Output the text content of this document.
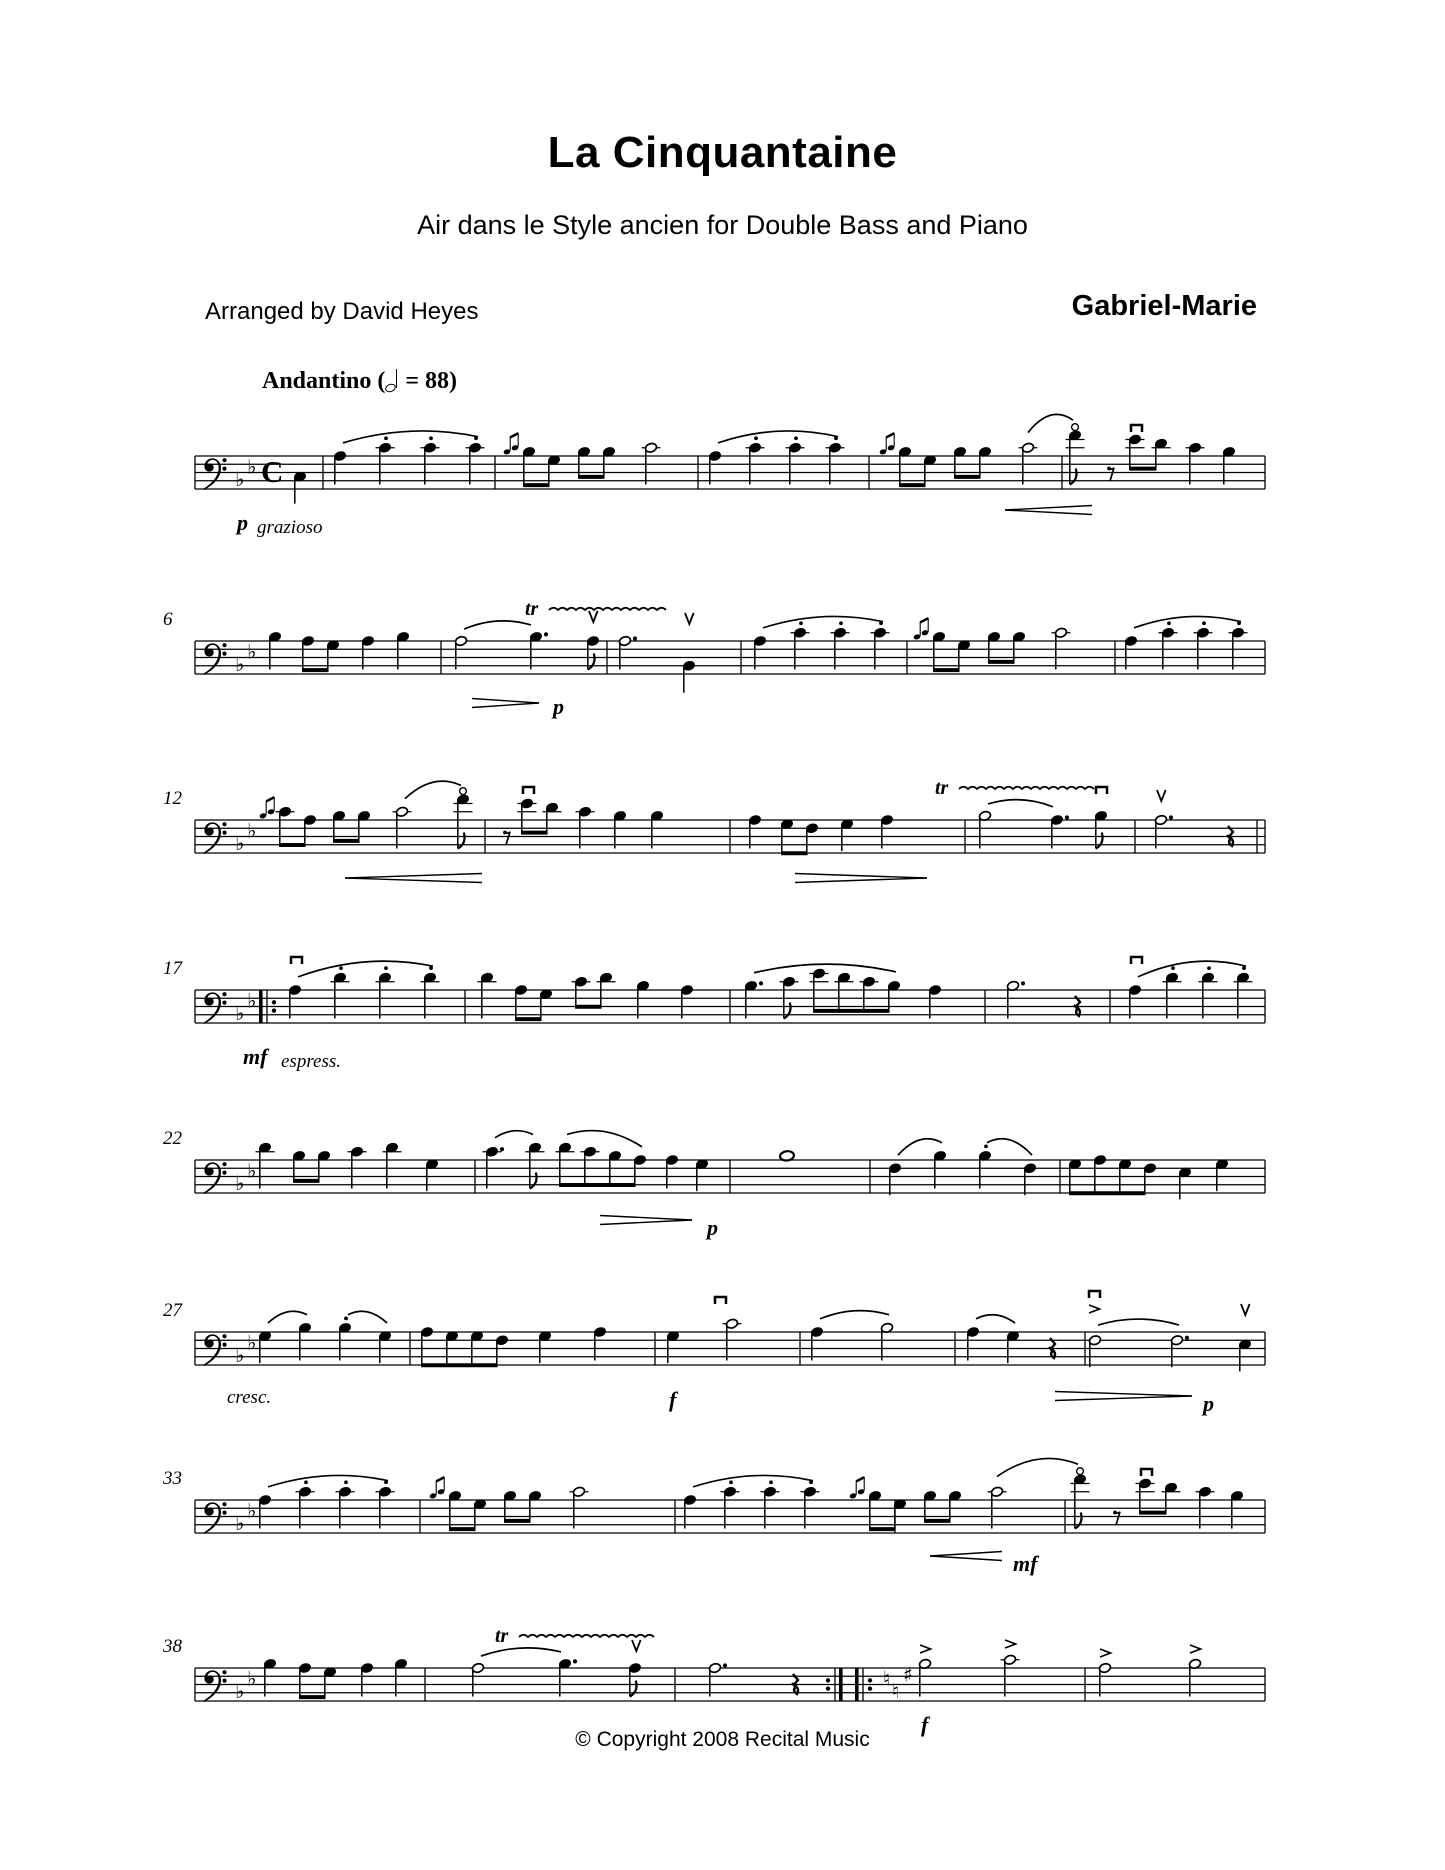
La Cinquantaine
Air dans le Style ancien for Double Bass and Piano
Arranged by David Heyes	Gabriel-Marie
Andantino ( = 88)
♭
♭ C
p grazioso
6
♭
♭
tr
p
12
♭
♭
tr
17
♭
♭
mf espress.
22
♭
♭
p
27
♭
♭
cresc.	f	p
33
♭
♭
mf
38
♭
♭
tr
♮
♮
♯
f
© Copyright 2008 Recital Music
